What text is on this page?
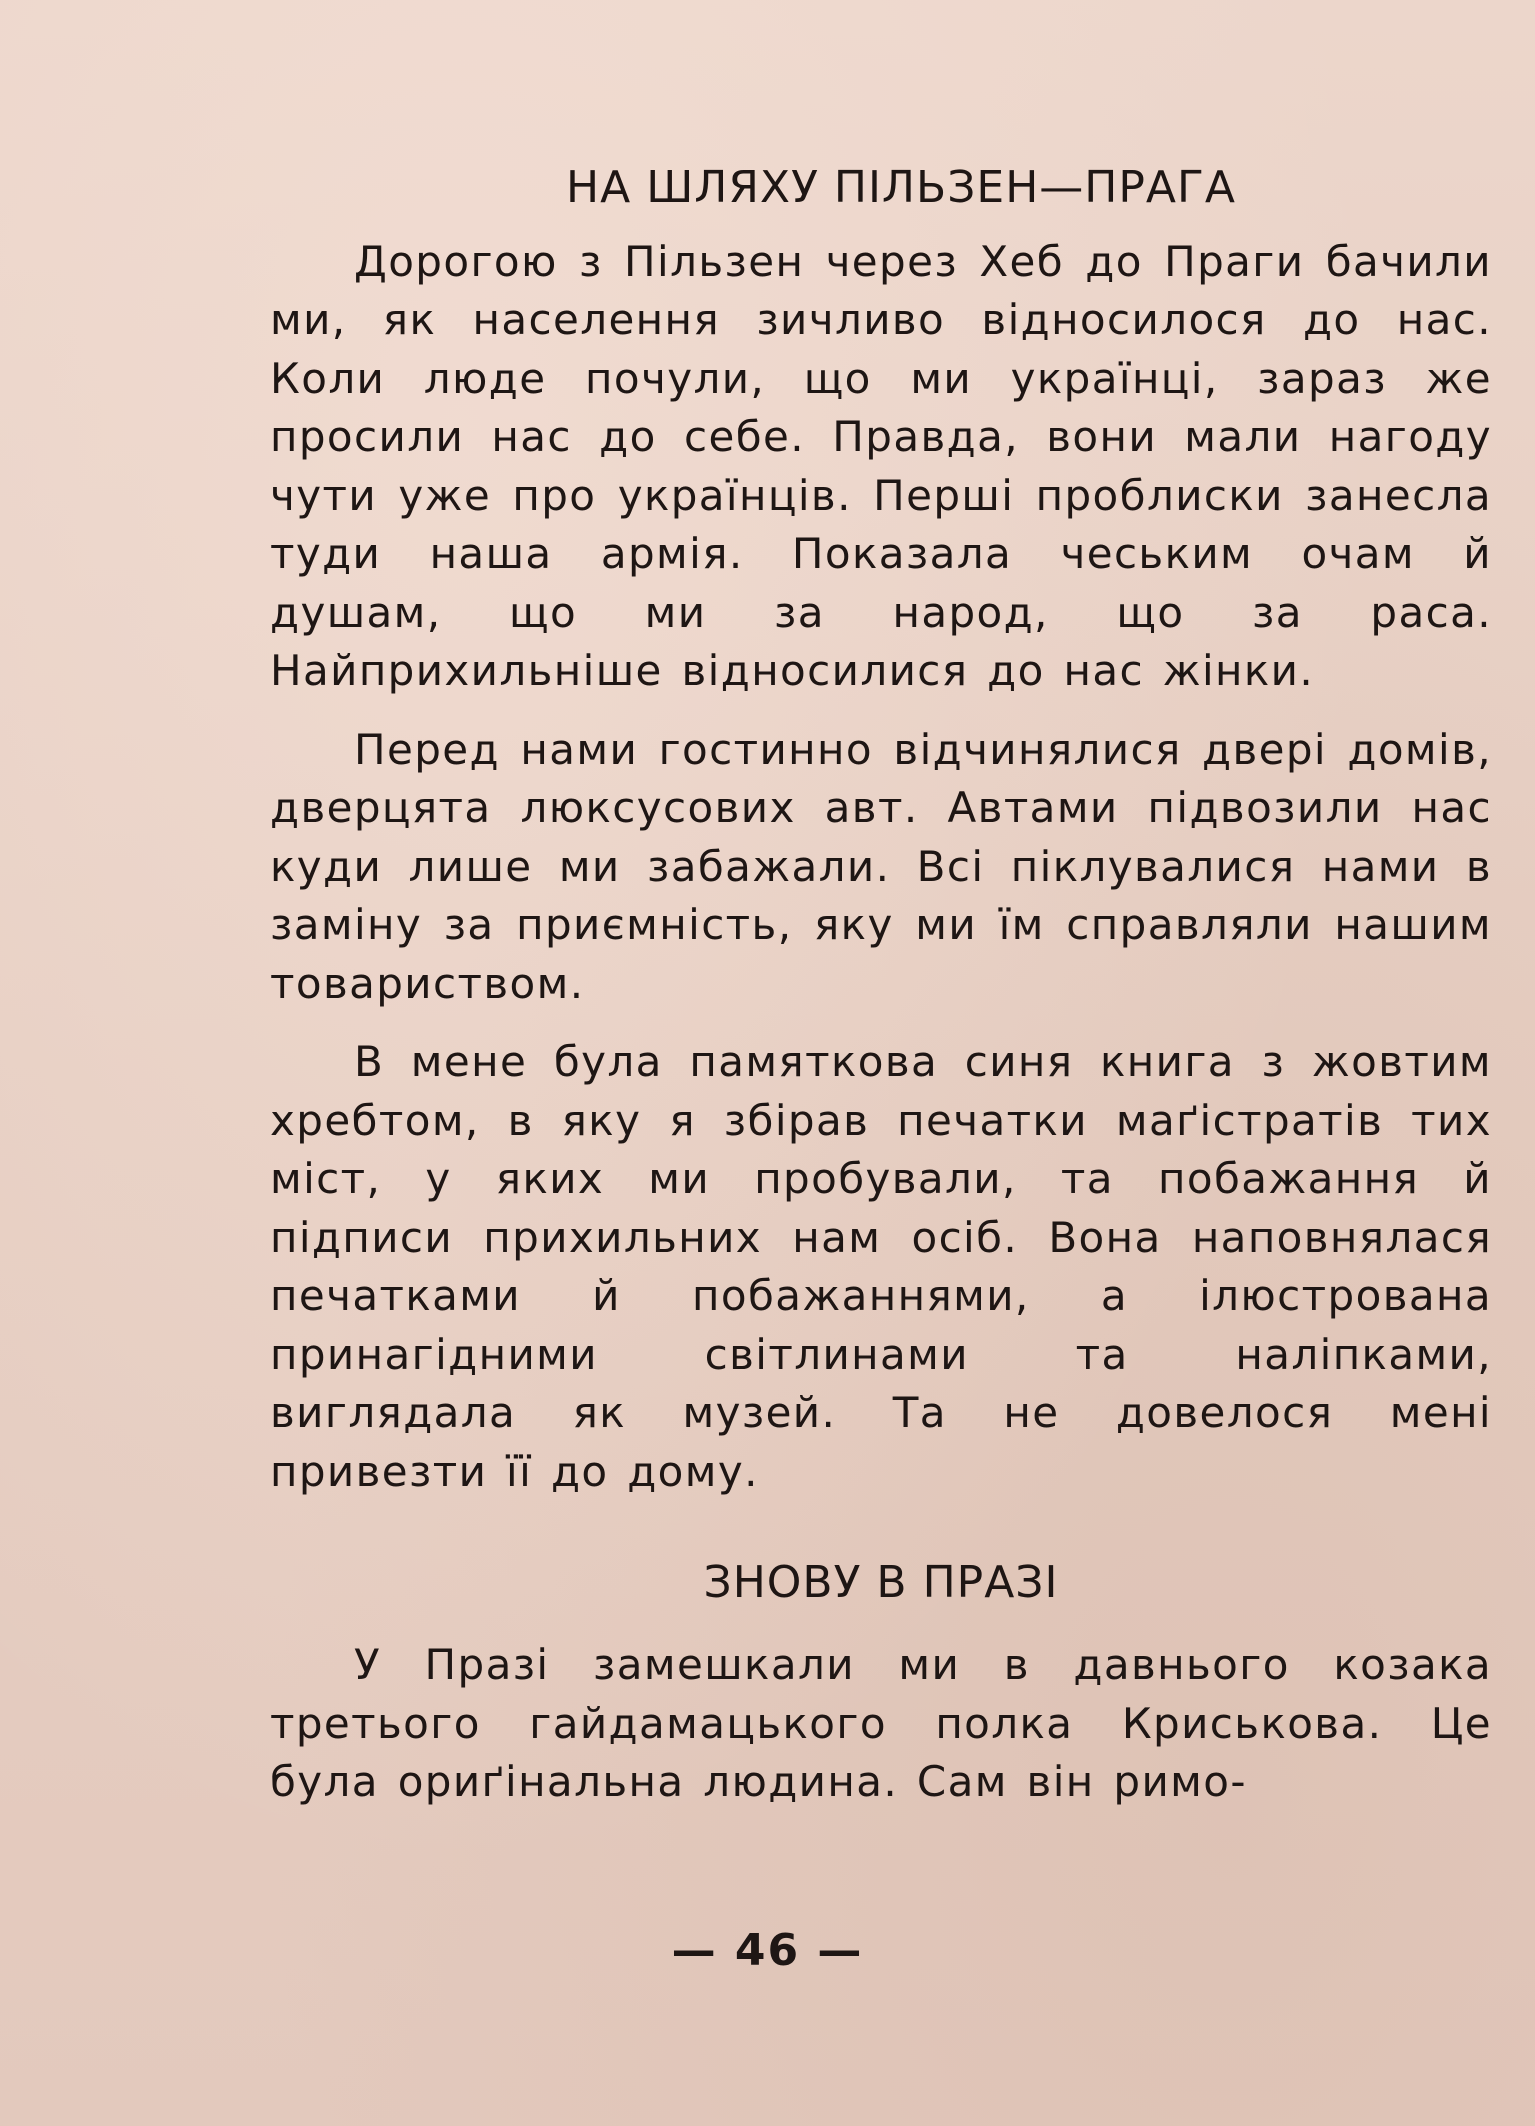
НА ШЛЯХУ ПІЛЬЗЕН—ПРАГА

Дорогою з Пільзен через Хеб до Праги бачили ми, як населення зичливо відносилося до нас. Коли люде почули, що ми українці, зараз же просили нас до себе. Правда, вони мали нагоду чути уже про українців. Перші проблиски занесла туди наша армія. Показала чеським очам й душам, що ми за народ, що за раса. Найприхильніше відносилися до нас жінки.

Перед нами гостинно відчинялися двері домів, дверцята люксусових авт. Автами підвозили нас куди лише ми забажали. Всі піклувалися нами в заміну за приємність, яку ми їм справляли нашим товариством.

В мене була памяткова синя книга з жовтим хребтом, в яку я збірав печатки маґістратів тих міст, у яких ми пробували, та побажання й підписи прихильних нам осіб. Вона наповнялася печатками й побажаннями, а ілюстрована принагідними світлинами та наліпками, виглядала як музей. Та не довелося мені привезти її до дому.

ЗНОВУ В ПРАЗІ

У Празі замешкали ми в давнього козака третього гайдамацького полка Криськова. Це була ориґінальна людина. Сам він римо-

— 46 —
